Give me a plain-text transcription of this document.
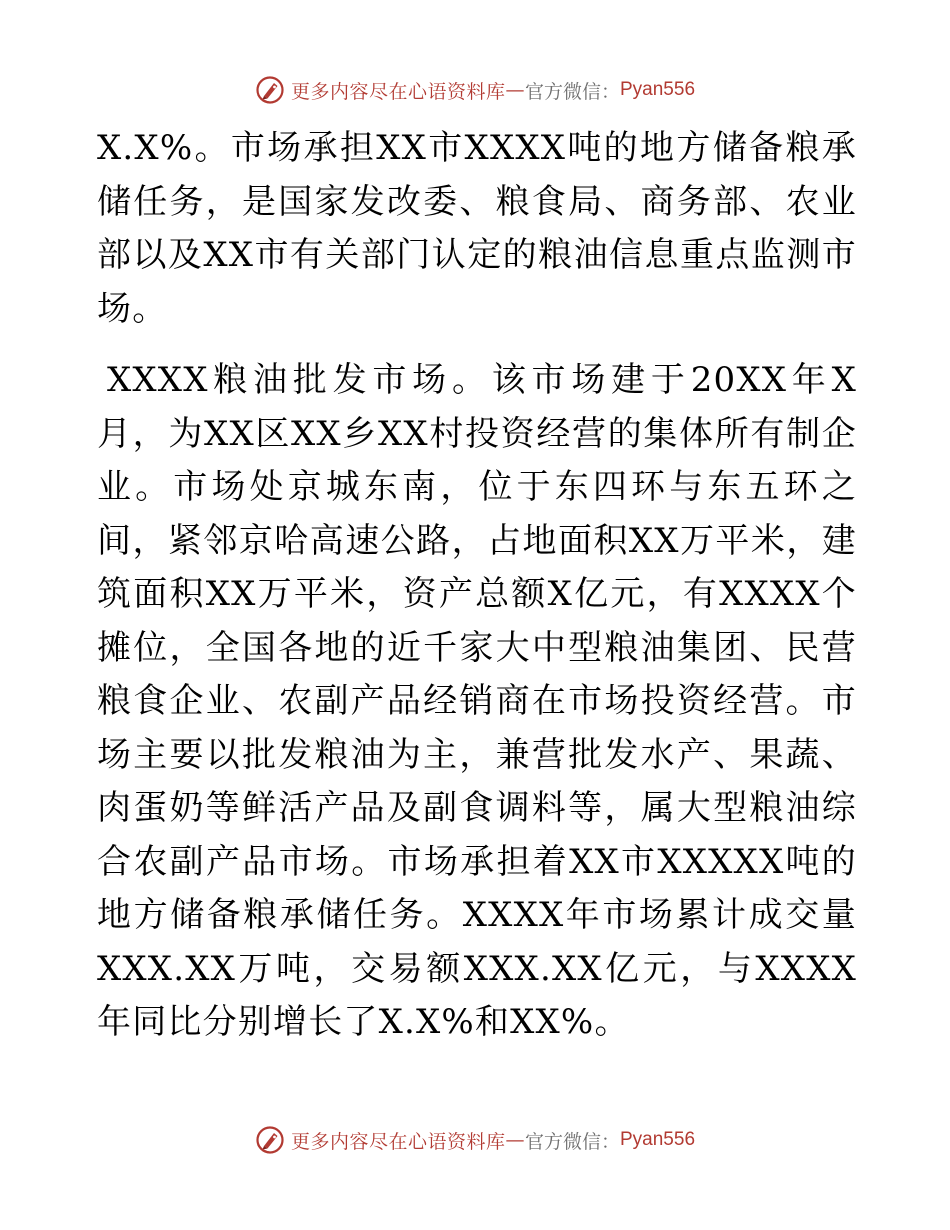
更多内容尽在心语资料库 — 官方微信： Pyan556

X.X%。市场承担XX市XXXX吨的地方储备粮承储任务，是国家发改委、粮食局、商务部、农业部以及XX市有关部门认定的粮油信息重点监测市场。

XXXX粮油批发市场。该市场建于20XX年X月，为XX区XX乡XX村投资经营的集体所有制企业。市场处京城东南，位于东四环与东五环之间，紧邻京哈高速公路，占地面积XX万平米，建筑面积XX万平米，资产总额X亿元，有XXXX个摊位，全国各地的近千家大中型粮油集团、民营粮食企业、农副产品经销商在市场投资经营。市场主要以批发粮油为主，兼营批发水产、果蔬、肉蛋奶等鲜活产品及副食调料等，属大型粮油综合农副产品市场。市场承担着XX市XXXXX吨的地方储备粮承储任务。XXXX年市场累计成交量XXX.XX万吨，交易额XXX.XX亿元，与XXXX年同比分别增长了X.X%和XX%。

更多内容尽在心语资料库 — 官方微信： Pyan556
